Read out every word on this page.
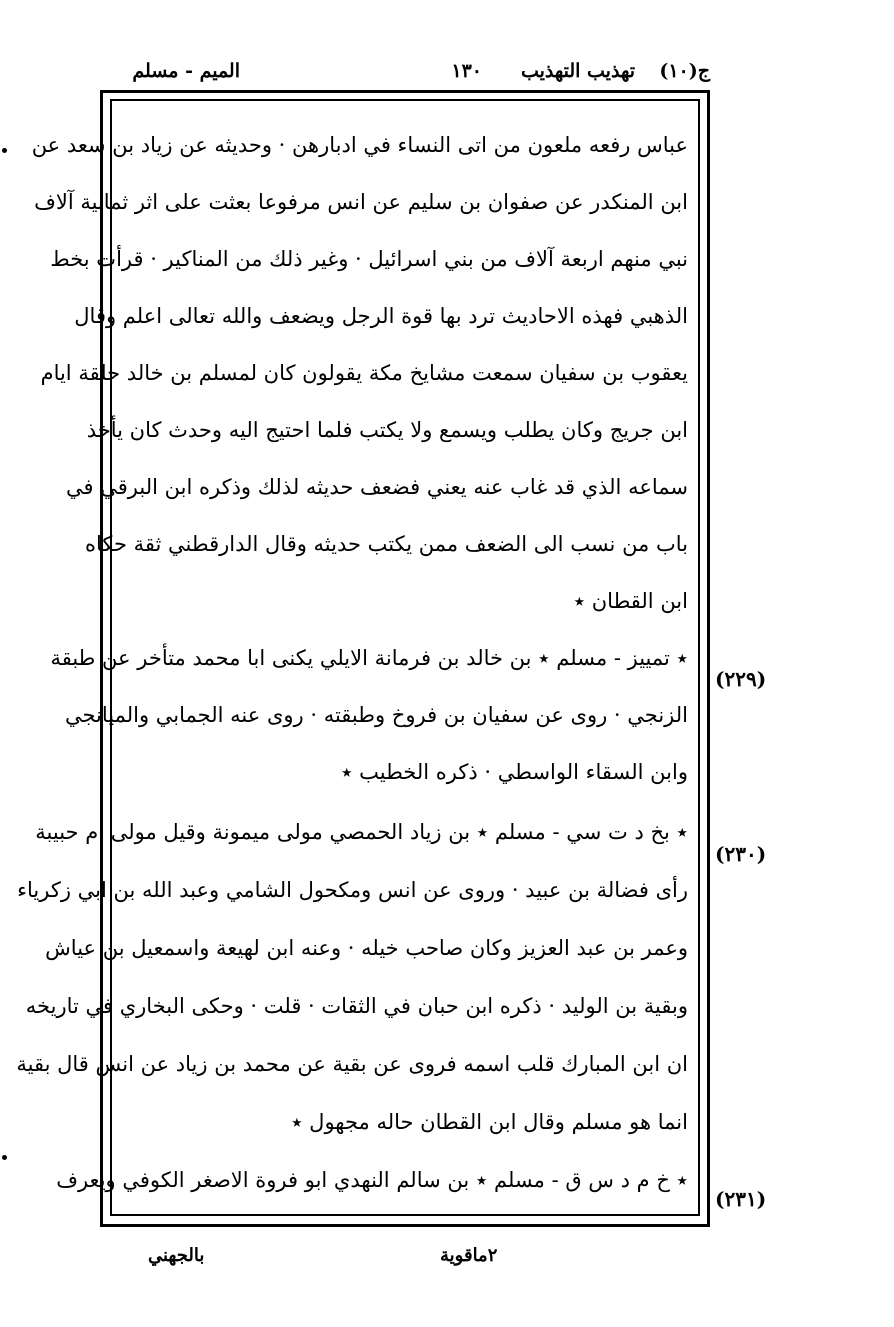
ج(١٠)
تهذيب التهذيب
١٣٠
الميم - مسلم
عباس رفعه ملعون من اتى النساء في ادبارهن · وحديثه عن زياد بن سعد عن
ابن المنكدر عن صفوان بن سليم عن انس مرفوعا بعثت على اثر ثمانية آلاف
نبي منهم اربعة آلاف من بني اسرائيل · وغير ذلك من المناكير · قرأت بخط
الذهبي فهذه الاحاديث ترد بها قوة الرجل ويضعف والله تعالى اعلم وقال
يعقوب بن سفيان سمعت مشايخ مكة يقولون كان لمسلم بن خالد حلقة ايام
ابن جريج وكان يطلب ويسمع ولا يكتب فلما احتيج اليه وحدث كان يأخذ
سماعه الذي قد غاب عنه يعني فضعف حديثه لذلك وذكره ابن البرقي في
باب من نسب الى الضعف ممن يكتب حديثه وقال الدارقطني ثقة حكاه
ابن القطان ٭
٭ تمييز - مسلم ٭ بن خالد بن فرمانة الايلي يكنى ابا محمد متأخر عن طبقة
الزنجي · روى عن سفيان بن فروخ وطبقته · روى عنه الجمابي والميانجي
وابن السقاء الواسطي · ذكره الخطيب ٭
٭ بخ د ت سي - مسلم ٭ بن زياد الحمصي مولى ميمونة وقيل مولى ام حبيبة
رأى فضالة بن عبيد · وروى عن انس ومكحول الشامي وعبد الله بن ابي زكرياء
وعمر بن عبد العزيز وكان صاحب خيله · وعنه ابن لهيعة واسمعيل بن عياش
وبقية بن الوليد · ذكره ابن حبان في الثقات · قلت · وحكى البخاري في تاريخه
ان ابن المبارك قلب اسمه فروى عن بقية عن محمد بن زياد عن انس قال بقية
انما هو مسلم وقال ابن القطان حاله مجهول ٭
٭ خ م د س ق - مسلم ٭ بن سالم النهدي ابو فروة الاصغر الكوفي ويعرف
(٢٢٩)
(٢٣٠)
(٢٣١)
بالجهني	٢ماقوية
